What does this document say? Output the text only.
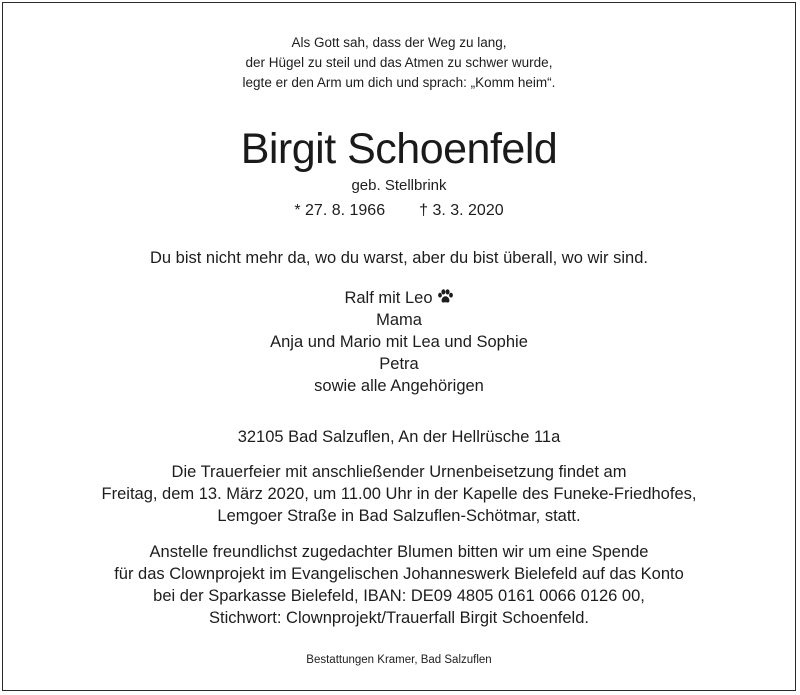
Als Gott sah, dass der Weg zu lang,
der Hügel zu steil und das Atmen zu schwer wurde,
legte er den Arm um dich und sprach: „Komm heim“.
Birgit Schoenfeld
geb. Stellbrink
* 27. 8. 1966 † 3. 3. 2020
Du bist nicht mehr da, wo du warst, aber du bist überall, wo wir sind.
Ralf mit Leo
Mama
Anja und Mario mit Lea und Sophie
Petra
sowie alle Angehörigen
32105 Bad Salzuflen, An der Hellrüsche 11a
Die Trauerfeier mit anschließender Urnenbeisetzung findet am
Freitag, dem 13. März 2020, um 11.00 Uhr in der Kapelle des Funeke-Friedhofes,
Lemgoer Straße in Bad Salzuflen-Schötmar, statt.
Anstelle freundlichst zugedachter Blumen bitten wir um eine Spende
für das Clownprojekt im Evangelischen Johanneswerk Bielefeld auf das Konto
bei der Sparkasse Bielefeld, IBAN: DE09 4805 0161 0066 0126 00,
Stichwort: Clownprojekt/Trauerfall Birgit Schoenfeld.
Bestattungen Kramer, Bad Salzuflen
